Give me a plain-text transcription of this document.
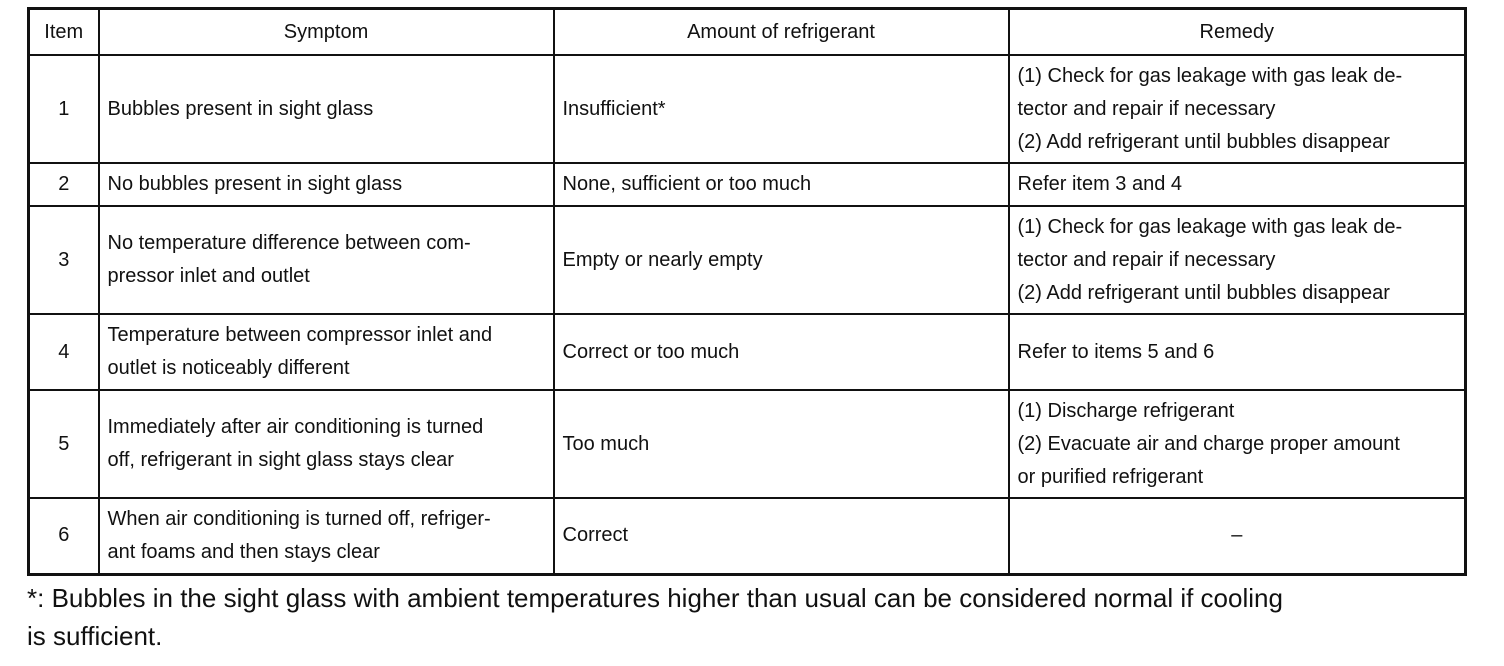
Item	Symptom	Amount of refrigerant	Remedy
1	Bubbles present in sight glass	Insufficient*	(1) Check for gas leakage with gas leak de-
tector and repair if necessary
(2) Add refrigerant until bubbles disappear

2	No bubbles present in sight glass	None, sufficient or too much	Refer item 3 and 4

3	No temperature difference between com-
pressor inlet and outlet	Empty or nearly empty	(1) Check for gas leakage with gas leak de-
tector and repair if necessary
(2) Add refrigerant until bubbles disappear

4	Temperature between compressor inlet and
outlet is noticeably different	Correct or too much	Refer to items 5 and 6

5	Immediately after air conditioning is turned
off, refrigerant in sight glass stays clear	Too much	(1) Discharge refrigerant
(2) Evacuate air and charge proper amount
or purified refrigerant

6	When air conditioning is turned off, refriger-
ant foams and then stays clear	Correct	–
*: Bubbles in the sight glass with ambient temperatures higher than usual can be considered normal if cooling
is sufficient.
